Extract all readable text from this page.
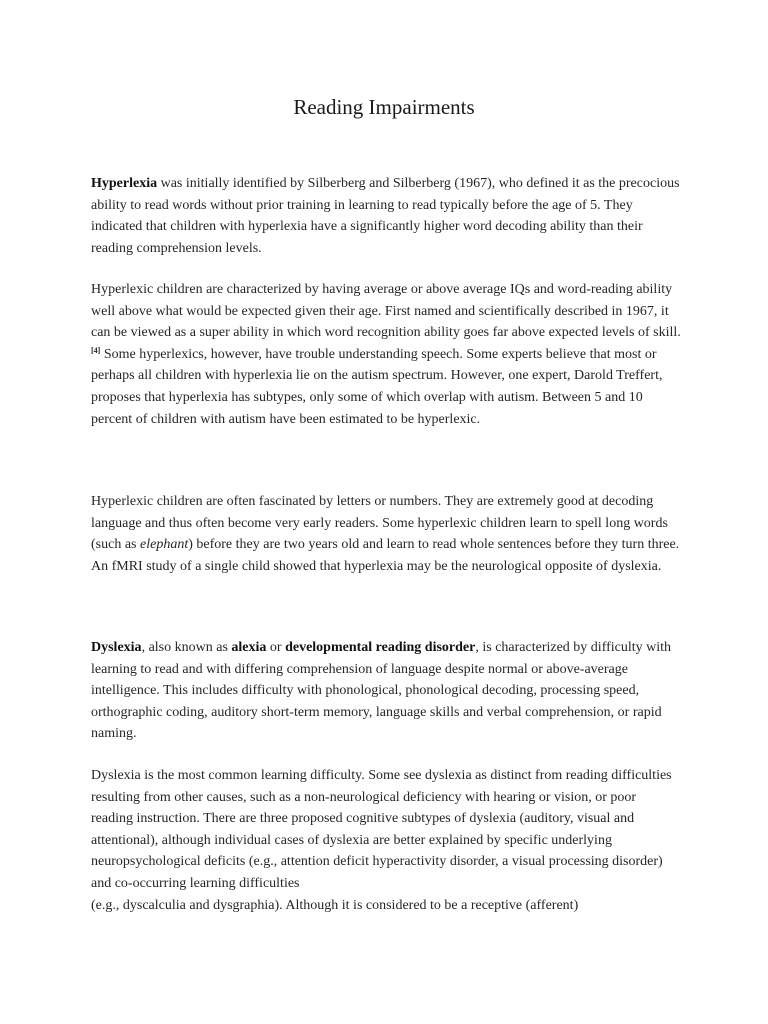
Reading Impairments

Hyperlexia was initially identified by Silberberg and Silberberg (1967), who defined it as the precocious ability to read words without prior training in learning to read typically before the age of 5. They indicated that children with hyperlexia have a significantly higher word decoding ability than their reading comprehension levels.

Hyperlexic children are characterized by having average or above average IQs and word-reading ability well above what would be expected given their age. First named and scientifically described in 1967, it can be viewed as a super ability in which word recognition ability goes far above expected levels of skill.[4] Some hyperlexics, however, have trouble understanding speech. Some experts believe that most or perhaps all children with hyperlexia lie on the autism spectrum. However, one expert, Darold Treffert, proposes that hyperlexia has subtypes, only some of which overlap with autism. Between 5 and 10 percent of children with autism have been estimated to be hyperlexic.

Hyperlexic children are often fascinated by letters or numbers. They are extremely good at decoding language and thus often become very early readers. Some hyperlexic children learn to spell long words (such as elephant) before they are two years old and learn to read whole sentences before they turn three. An fMRI study of a single child showed that hyperlexia may be the neurological opposite of dyslexia.

Dyslexia, also known as alexia or developmental reading disorder, is characterized by difficulty with learning to read and with differing comprehension of language despite normal or above-average intelligence. This includes difficulty with phonological, phonological decoding, processing speed, orthographic coding, auditory short-term memory, language skills and verbal comprehension, or rapid naming.

Dyslexia is the most common learning difficulty. Some see dyslexia as distinct from reading difficulties resulting from other causes, such as a non-neurological deficiency with hearing or vision, or poor reading instruction. There are three proposed cognitive subtypes of dyslexia (auditory, visual and attentional), although individual cases of dyslexia are better explained by specific underlying neuropsychological deficits (e.g., attention deficit hyperactivity disorder, a visual processing disorder) and co-occurring learning difficulties
(e.g., dyscalculia and dysgraphia). Although it is considered to be a receptive (afferent)
